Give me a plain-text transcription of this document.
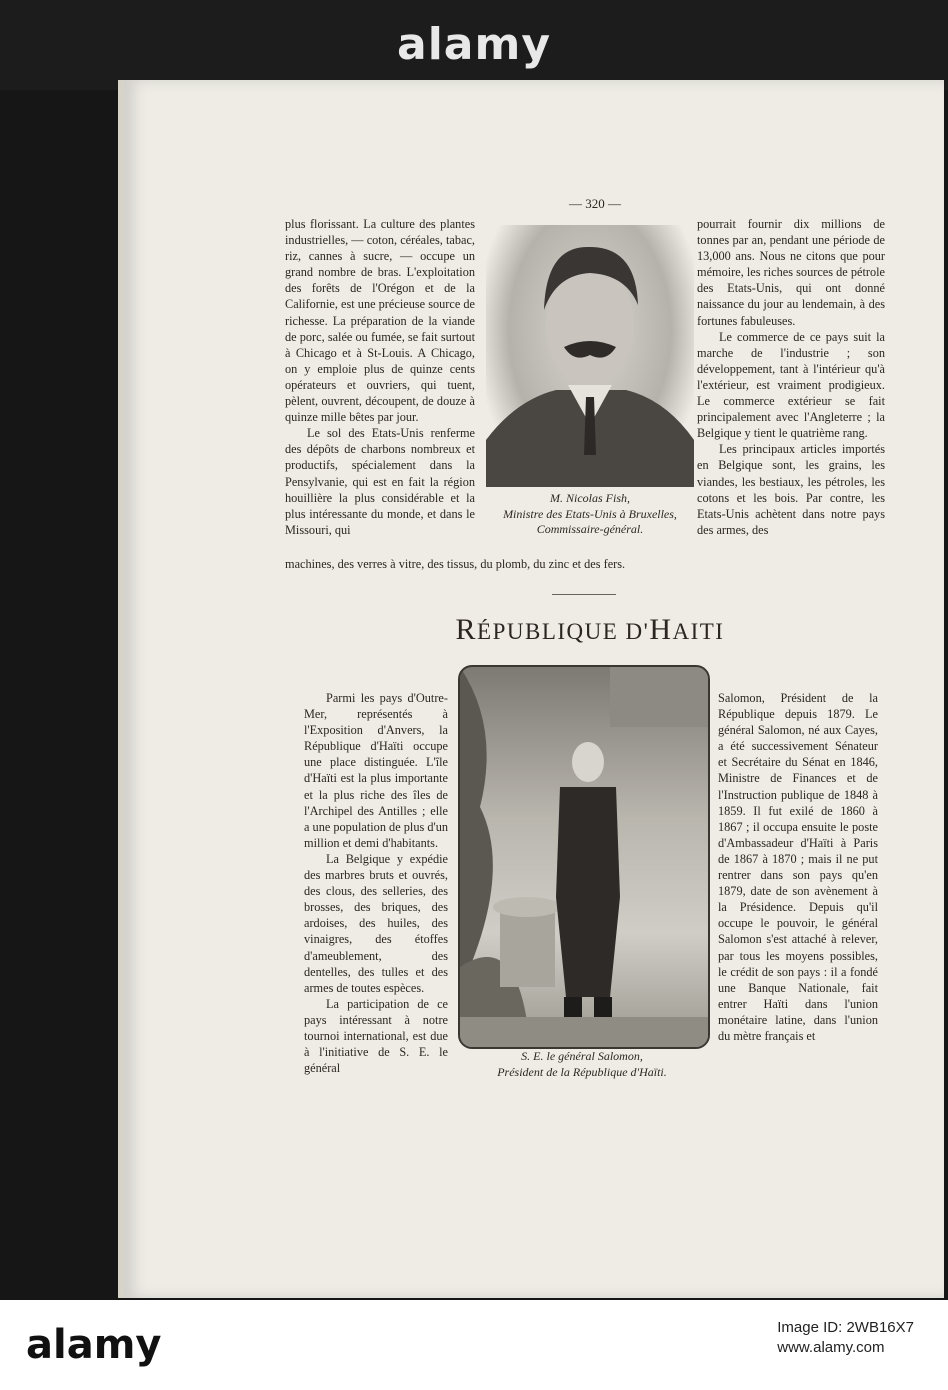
alamy
— 320 —

plus florissant. La culture des plantes industrielles, — coton, céréales, tabac, riz, cannes à sucre, — occupe un grand nombre de bras. L'exploitation des forêts de l'Orégon et de la Californie, est une précieuse source de richesse. La préparation de la viande de porc, salée ou fumée, se fait surtout à Chicago et à St-Louis. A Chicago, on y emploie plus de quinze cents opérateurs et ouvriers, qui tuent, pèlent, ouvrent, découpent, de douze à quinze mille bêtes par jour.

Le sol des Etats-Unis renferme des dépôts de charbons nombreux et productifs, spécialement dans la Pensylvanie, qui est en fait la région houillière la plus considérable et la plus intéressante du monde, et dans le Missouri, qui

pourrait fournir dix millions de tonnes par an, pendant une période de 13,000 ans. Nous ne citons que pour mémoire, les riches sources de pétrole des Etats-Unis, qui ont donné naissance du jour au lendemain, à des fortunes fabuleuses.

Le commerce de ce pays suit la marche de l'industrie ; son développement, tant à l'intérieur qu'à l'extérieur, est vraiment prodigieux. Le commerce extérieur se fait principalement avec l'Angleterre ; la Belgique y tient le quatrième rang.

Les principaux articles importés en Belgique sont, les grains, les viandes, les bestiaux, les pétroles, les cotons et les bois. Par contre, les Etats-Unis achètent dans notre pays des armes, des

M. Nicolas Fish,
Ministre des Etats-Unis à Bruxelles,
Commissaire-général.

machines, des verres à vitre, des tissus, du plomb, du zinc et des fers.

RÉPUBLIQUE D'HAITI

Parmi les pays d'Outre-Mer, représentés à l'Exposition d'Anvers, la République d'Haïti occupe une place distinguée. L'île d'Haïti est la plus importante et la plus riche des îles de l'Archipel des Antilles ; elle a une population de plus d'un million et demi d'habitants.

La Belgique y expédie des marbres bruts et ouvrés, des clous, des selleries, des brosses, des briques, des ardoises, des huiles, des vinaigres, des étoffes d'ameublement, des dentelles, des tulles et des armes de toutes espèces.

La participation de ce pays intéressant à notre tournoi international, est due à l'initiative de S. E. le général

Salomon, Président de la République depuis 1879. Le général Salomon, né aux Cayes, a été successivement Sénateur et Secrétaire du Sénat en 1846, Ministre de Finances et de l'Instruction publique de 1848 à 1859. Il fut exilé de 1860 à 1867 ; il occupa ensuite le poste d'Ambassadeur d'Haïti à Paris de 1867 à 1870 ; mais il ne put rentrer dans son pays qu'en 1879, date de son avènement à la Présidence. Depuis qu'il occupe le pouvoir, le général Salomon s'est attaché à relever, par tous les moyens possibles, le crédit de son pays : il a fondé une Banque Nationale, fait entrer Haïti dans l'union monétaire latine, dans l'union du mètre français et

S. E. le général Salomon,
Président de la République d'Haïti.
alamy	Image ID: 2WB16X7
www.alamy.com
